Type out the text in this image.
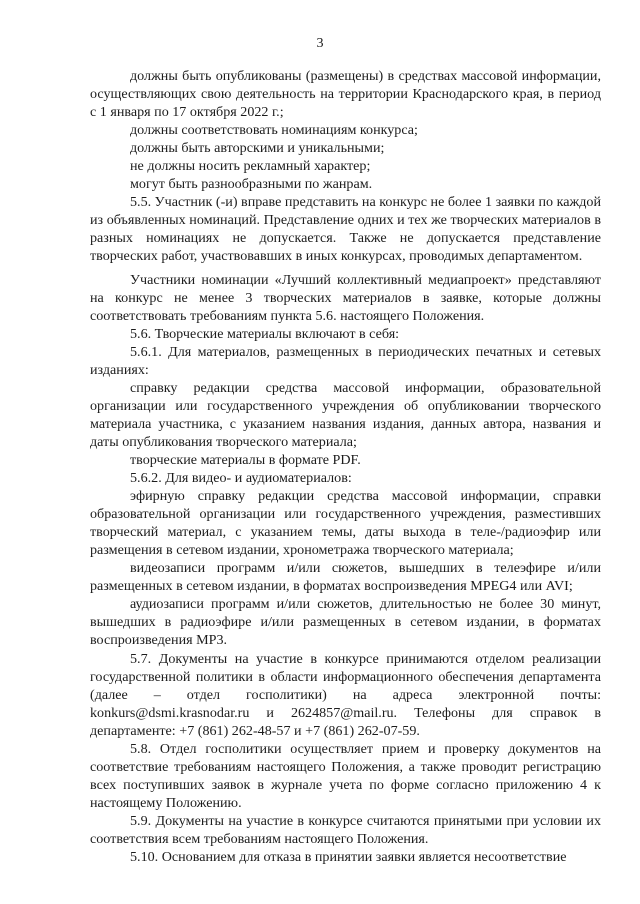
3

должны быть опубликованы (размещены) в средствах массовой информации, осуществляющих свою деятельность на территории Краснодарского края, в период с 1 января по 17 октября 2022 г.;

должны соответствовать номинациям конкурса;

должны быть авторскими и уникальными;

не должны носить рекламный характер;

могут быть разнообразными по жанрам.

5.5. Участник (-и) вправе представить на конкурс не более 1 заявки по каждой из объявленных номинаций. Представление одних и тех же творческих материалов в разных номинациях не допускается. Также не допускается представление творческих работ, участвовавших в иных конкурсах, проводимых департаментом.

Участники номинации «Лучший коллективный медиапроект» представляют на конкурс не менее 3 творческих материалов в заявке, которые должны соответствовать требованиям пункта 5.6. настоящего Положения.

5.6. Творческие материалы включают в себя:

5.6.1. Для материалов, размещенных в периодических печатных и сетевых изданиях:

справку редакции средства массовой информации, образовательной организации или государственного учреждения об опубликовании творческого материала участника, с указанием названия издания, данных автора, названия и даты опубликования творческого материала;

творческие материалы в формате PDF.

5.6.2. Для видео- и аудиоматериалов:

эфирную справку редакции средства массовой информации, справки образовательной организации или государственного учреждения, разместивших творческий материал, с указанием темы, даты выхода в теле-/радиоэфир или размещения в сетевом издании, хронометража творческого материала;

видеозаписи программ и/или сюжетов, вышедших в телеэфире и/или размещенных в сетевом издании, в форматах воспроизведения MPEG4 или AVI;

аудиозаписи программ и/или сюжетов, длительностью не более 30 минут, вышедших в радиоэфире и/или размещенных в сетевом издании, в форматах воспроизведения MP3.

5.7. Документы на участие в конкурсе принимаются отделом реализации государственной политики в области информационного обеспечения департамента (далее – отдел госполитики) на адреса электронной почты: konkurs@dsmi.krasnodar.ru и 2624857@mail.ru. Телефоны для справок в департаменте: +7 (861) 262-48-57 и +7 (861) 262-07-59.

5.8. Отдел госполитики осуществляет прием и проверку документов на соответствие требованиям настоящего Положения, а также проводит регистрацию всех поступивших заявок в журнале учета по форме согласно приложению 4 к настоящему Положению.

5.9. Документы на участие в конкурсе считаются принятыми при условии их соответствия всем требованиям настоящего Положения.

5.10. Основанием для отказа в принятии заявки является несоответствие
